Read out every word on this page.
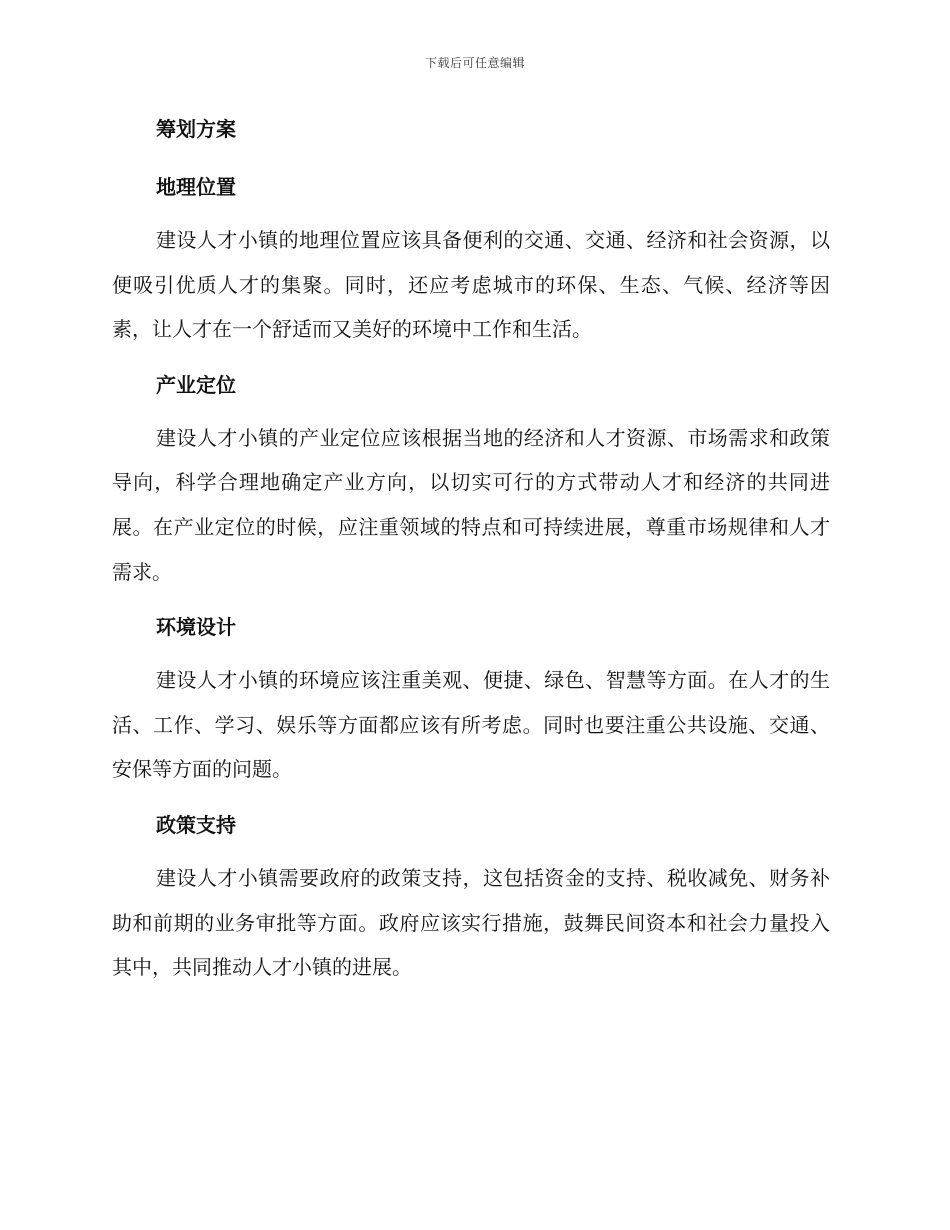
下载后可任意编辑
筹划方案
地理位置

建设人才小镇的地理位置应该具备便利的交通、交通、经济和社会资源，以便吸引优质人才的集聚。同时，还应考虑城市的环保、生态、气候、经济等因素，让人才在一个舒适而又美好的环境中工作和生活。

产业定位

建设人才小镇的产业定位应该根据当地的经济和人才资源、市场需求和政策导向，科学合理地确定产业方向，以切实可行的方式带动人才和经济的共同进展。在产业定位的时候，应注重领域的特点和可持续进展，尊重市场规律和人才需求。

环境设计

建设人才小镇的环境应该注重美观、便捷、绿色、智慧等方面。在人才的生活、工作、学习、娱乐等方面都应该有所考虑。同时也要注重公共设施、交通、安保等方面的问题。

政策支持

建设人才小镇需要政府的政策支持，这包括资金的支持、税收减免、财务补助和前期的业务审批等方面。政府应该实行措施，鼓舞民间资本和社会力量投入其中，共同推动人才小镇的进展。
